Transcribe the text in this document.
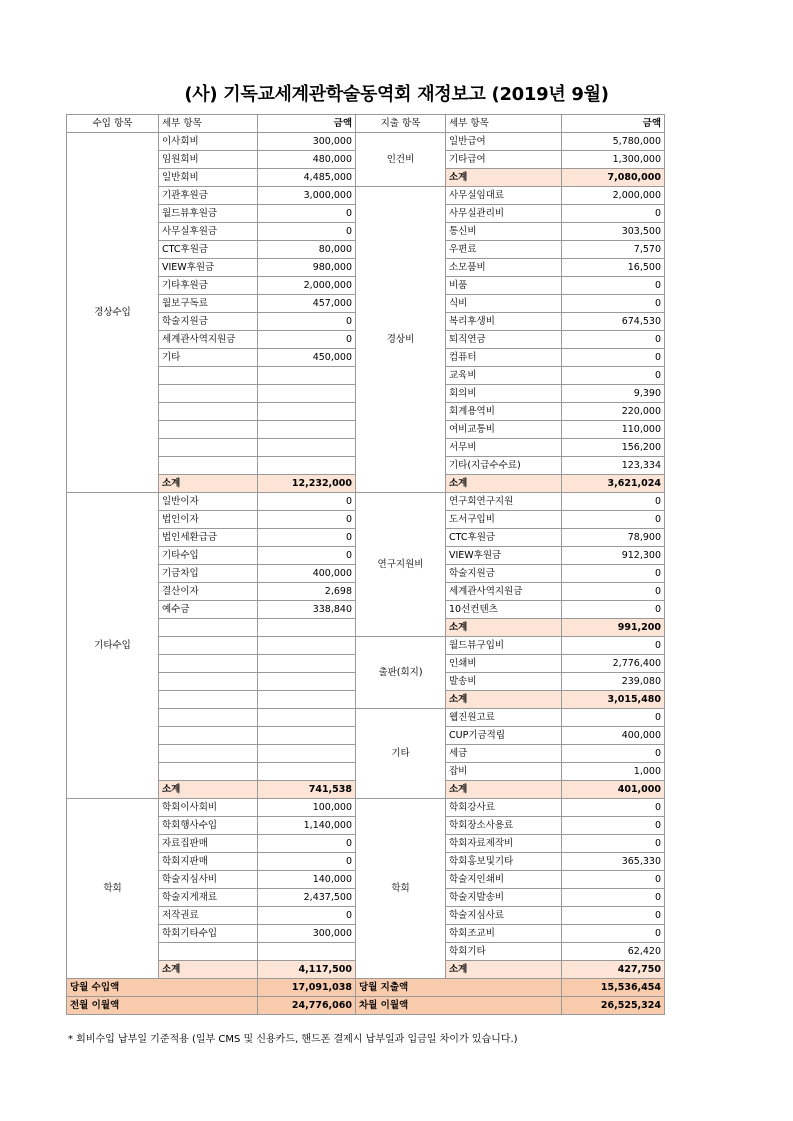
(사) 기독교세계관학술동역회 재정보고 (2019년 9월)
수입 항목	세부 항목	금액	지출 항목	세부 항목	금액
경상수입	이사회비	300,000	인건비	일반급여	5,780,000
	임원회비	480,000		기타급여	1,300,000
	일반회비	4,485,000		소계	7,080,000
	기관후원금	3,000,000	경상비	사무실임대료	2,000,000
	월드뷰후원금	0		사무실관리비	0
	사무실후원금	0		통신비	303,500
	CTC후원금	80,000		우편료	7,570
	VIEW후원금	980,000		소모품비	16,500
	기타후원금	2,000,000		비품	0
	월보구독료	457,000		식비	0
	학술지원금	0		복리후생비	674,530
	세계관사역지원금	0		퇴직연금	0
	기타	450,000		컴퓨터	0
				교육비	0
				회의비	9,390
				회계용역비	220,000
				여비교통비	110,000
				서무비	156,200
				기타(지급수수료)	123,334
	소계	12,232,000		소계	3,621,024
기타수입	일반이자	0	연구지원비	연구회연구지원	0
	법인이자	0		도서구입비	0
	법인세환급금	0		CTC후원금	78,900
	기타수입	0		VIEW후원금	912,300
	기금차입	400,000		학술지원금	0
	결산이자	2,698		세계관사역지원금	0
	예수금	338,840		10선컨텐츠	0
				소계	991,200
			출판(회지)	월드뷰구입비	0
				인쇄비	2,776,400
				발송비	239,080
				소계	3,015,480
			기타	웹진원고료	0
				CUP기금적립	400,000
				세금	0
				잡비	1,000
	소계	741,538		소계	401,000
학회	학회이사회비	100,000	학회	학회강사료	0
	학회행사수입	1,140,000		학회장소사용료	0
	자료집판매	0		학회자료제작비	0
	학회지판매	0		학회홍보및기타	365,330
	학술지심사비	140,000		학술지인쇄비	0
	학술지게재료	2,437,500		학술지발송비	0
	저작권료	0		학술지심사료	0
	학회기타수입	300,000		학회조교비	0
				학회기타	62,420
	소계	4,117,500		소계	427,750
당월 수입액		17,091,038	당월 지출액		15,536,454
전월 이월액		24,776,060	차월 이월액		26,525,324
* 회비수입 납부일 기준적용 (일부 CMS 및 신용카드, 핸드폰 결제시 납부일과 입금일 차이가 있습니다.)
